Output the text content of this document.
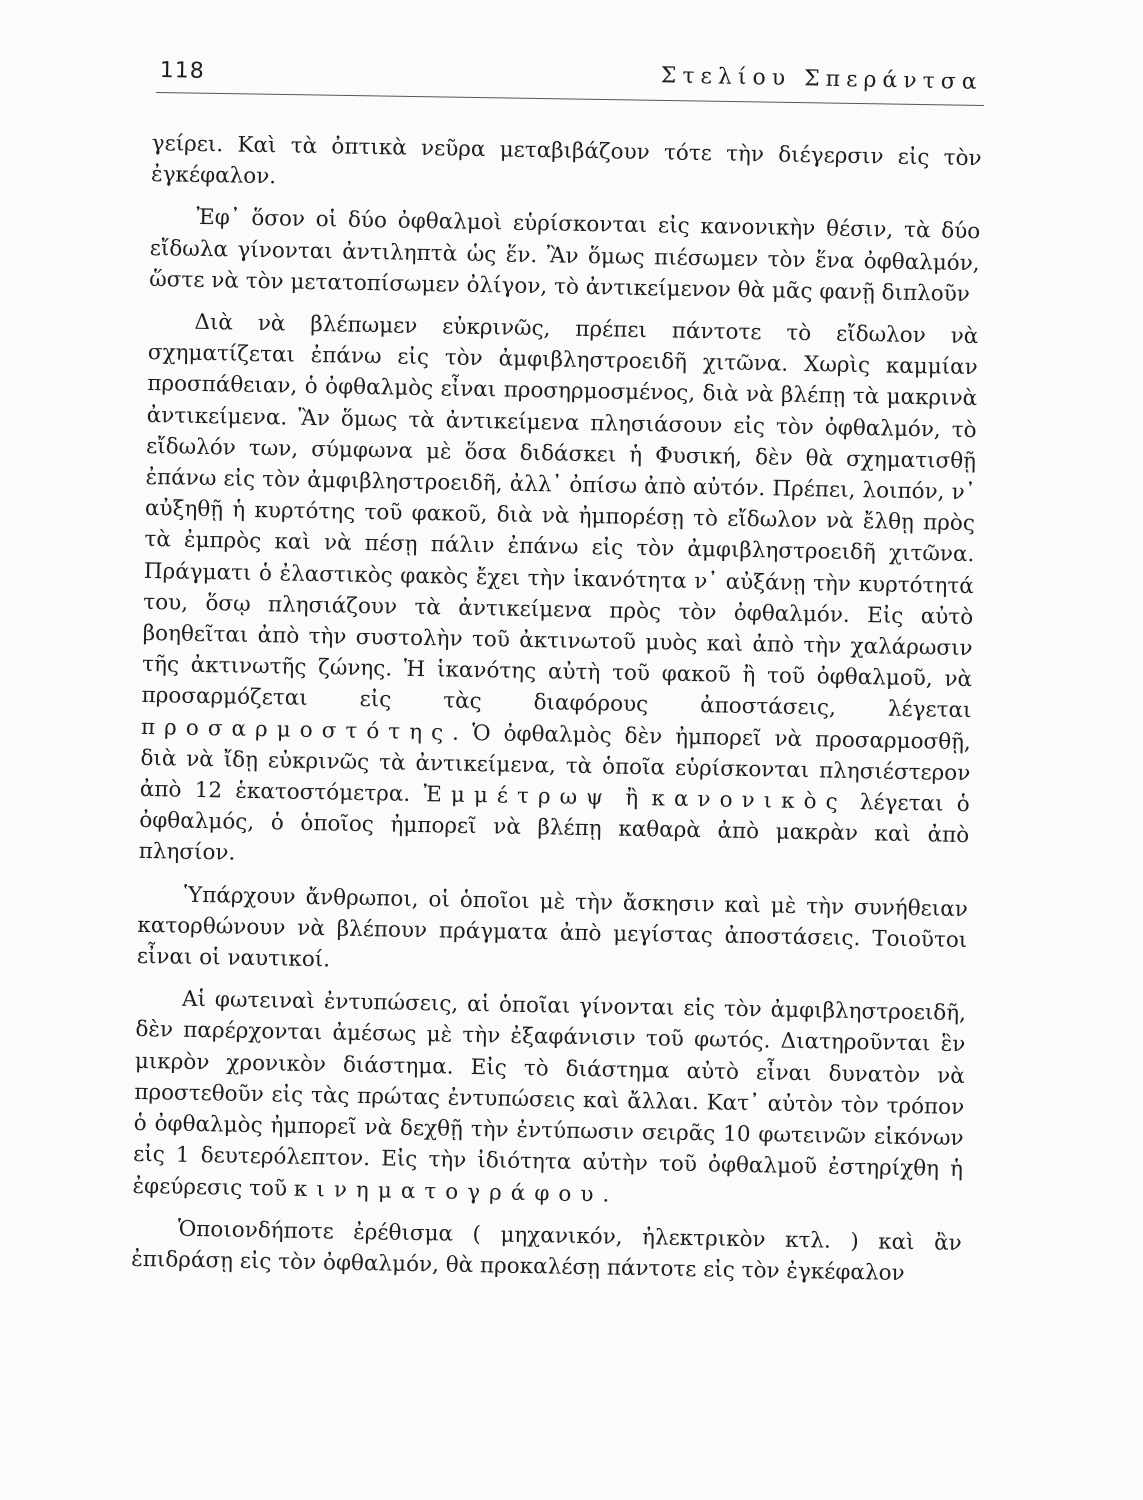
118	Στελίου Σπεράντσα

γείρει. Καὶ τὰ ὀπτικὰ νεῦρα μεταβιβάζουν τότε τὴν διέγερσιν εἰς τὸν ἐγκέφαλον.

Ἐφ᾽ ὅσον οἱ δύο ὀφθαλμοὶ εὑρίσκονται εἰς κανονικὴν θέσιν, τὰ δύο εἴδωλα γίνονται ἀντιληπτὰ ὡς ἕν. Ἂν ὅμως πιέσωμεν τὸν ἕνα ὀφθαλμόν, ὥστε νὰ τὸν μετατοπίσωμεν ὀλίγον, τὸ ἀντικείμενον θὰ μᾶς φανῇ διπλοῦν

Διὰ νὰ βλέπωμεν εὐκρινῶς, πρέπει πάντοτε τὸ εἴδωλον νὰ σχηματίζεται ἐπάνω εἰς τὸν ἀμφιβληστροειδῆ χιτῶνα. Χωρὶς καμμίαν προσπάθειαν, ὁ ὀφθαλμὸς εἶναι προσηρμοσμένος, διὰ νὰ βλέπῃ τὰ μακρινὰ ἀντικείμενα. Ἂν ὅμως τὰ ἀντικείμενα πλησιάσουν εἰς τὸν ὀφθαλμόν, τὸ εἴδωλόν των, σύμφωνα μὲ ὅσα διδάσκει ἡ Φυσική, δὲν θὰ σχηματισθῇ ἐπάνω εἰς τὸν ἀμφιβληστροειδῆ, ἀλλ᾽ ὀπίσω ἀπὸ αὐτόν. Πρέπει, λοιπόν, ν᾽ αὐξηθῇ ἡ κυρτότης τοῦ φακοῦ, διὰ νὰ ἠμπορέσῃ τὸ εἴδωλον νὰ ἔλθῃ πρὸς τὰ ἐμπρὸς καὶ νὰ πέσῃ πάλιν ἐπάνω εἰς τὸν ἀμφιβληστροειδῆ χιτῶνα. Πράγματι ὁ ἐλαστικὸς φακὸς ἔχει τὴν ἱκανότητα ν᾽ αὐξάνῃ τὴν κυρτότητά του, ὅσῳ πλησιάζουν τὰ ἀντικείμενα πρὸς τὸν ὀφθαλμόν. Εἰς αὐτὸ βοηθεῖται ἀπὸ τὴν συστολὴν τοῦ ἀκτινωτοῦ μυὸς καὶ ἀπὸ τὴν χαλάρωσιν τῆς ἀκτινωτῆς ζώνης. Ἡ ἱκανότης αὐτὴ τοῦ φακοῦ ἢ τοῦ ὀφθαλμοῦ, νὰ προσαρμόζεται εἰς τὰς διαφόρους ἀποστάσεις, λέγεται προσαρμοστότης. Ὁ ὀφθαλμὸς δὲν ἠμπορεῖ νὰ προσαρμοσθῇ, διὰ νὰ ἴδῃ εὐκρινῶς τὰ ἀντικείμενα, τὰ ὁποῖα εὑρίσκονται πλησιέστερον ἀπὸ 12 ἑκατοστόμετρα. Ἐμμέτρωψ ἢ κανονικὸς λέγεται ὁ ὀφθαλμός, ὁ ὁποῖος ἠμπορεῖ νὰ βλέπῃ καθαρὰ ἀπὸ μακρὰν καὶ ἀπὸ πλησίον.

Ὑπάρχουν ἄνθρωποι, οἱ ὁποῖοι μὲ τὴν ἄσκησιν καὶ μὲ τὴν συνήθειαν κατορθώνουν νὰ βλέπουν πράγματα ἀπὸ μεγίστας ἀποστάσεις. Τοιοῦτοι εἶναι οἱ ναυτικοί.

Αἱ φωτειναὶ ἐντυπώσεις, αἱ ὁποῖαι γίνονται εἰς τὸν ἀμφιβληστροειδῆ, δὲν παρέρχονται ἀμέσως μὲ τὴν ἐξαφάνισιν τοῦ φωτός. Διατηροῦνται ἓν μικρὸν χρονικὸν διάστημα. Εἰς τὸ διάστημα αὐτὸ εἶναι δυνατὸν νὰ προστεθοῦν εἰς τὰς πρώτας ἐντυπώσεις καὶ ἄλλαι. Κατ᾽ αὐτὸν τὸν τρόπον ὁ ὀφθαλμὸς ἠμπορεῖ νὰ δεχθῇ τὴν ἐντύπωσιν σειρᾶς 10 φωτεινῶν εἰκόνων εἰς 1 δευτερόλεπτον. Εἰς τὴν ἰδιότητα αὐτὴν τοῦ ὀφθαλμοῦ ἐστηρίχθη ἡ ἐφεύρεσις τοῦ κινηματογράφου.

Ὁποιονδήποτε ἐρέθισμα ( μηχανικόν, ἠλεκτρικὸν κτλ. ) καὶ ἂν ἐπιδράσῃ εἰς τὸν ὀφθαλμόν, θὰ προκαλέσῃ πάντοτε εἰς τὸν ἐγκέφαλον
